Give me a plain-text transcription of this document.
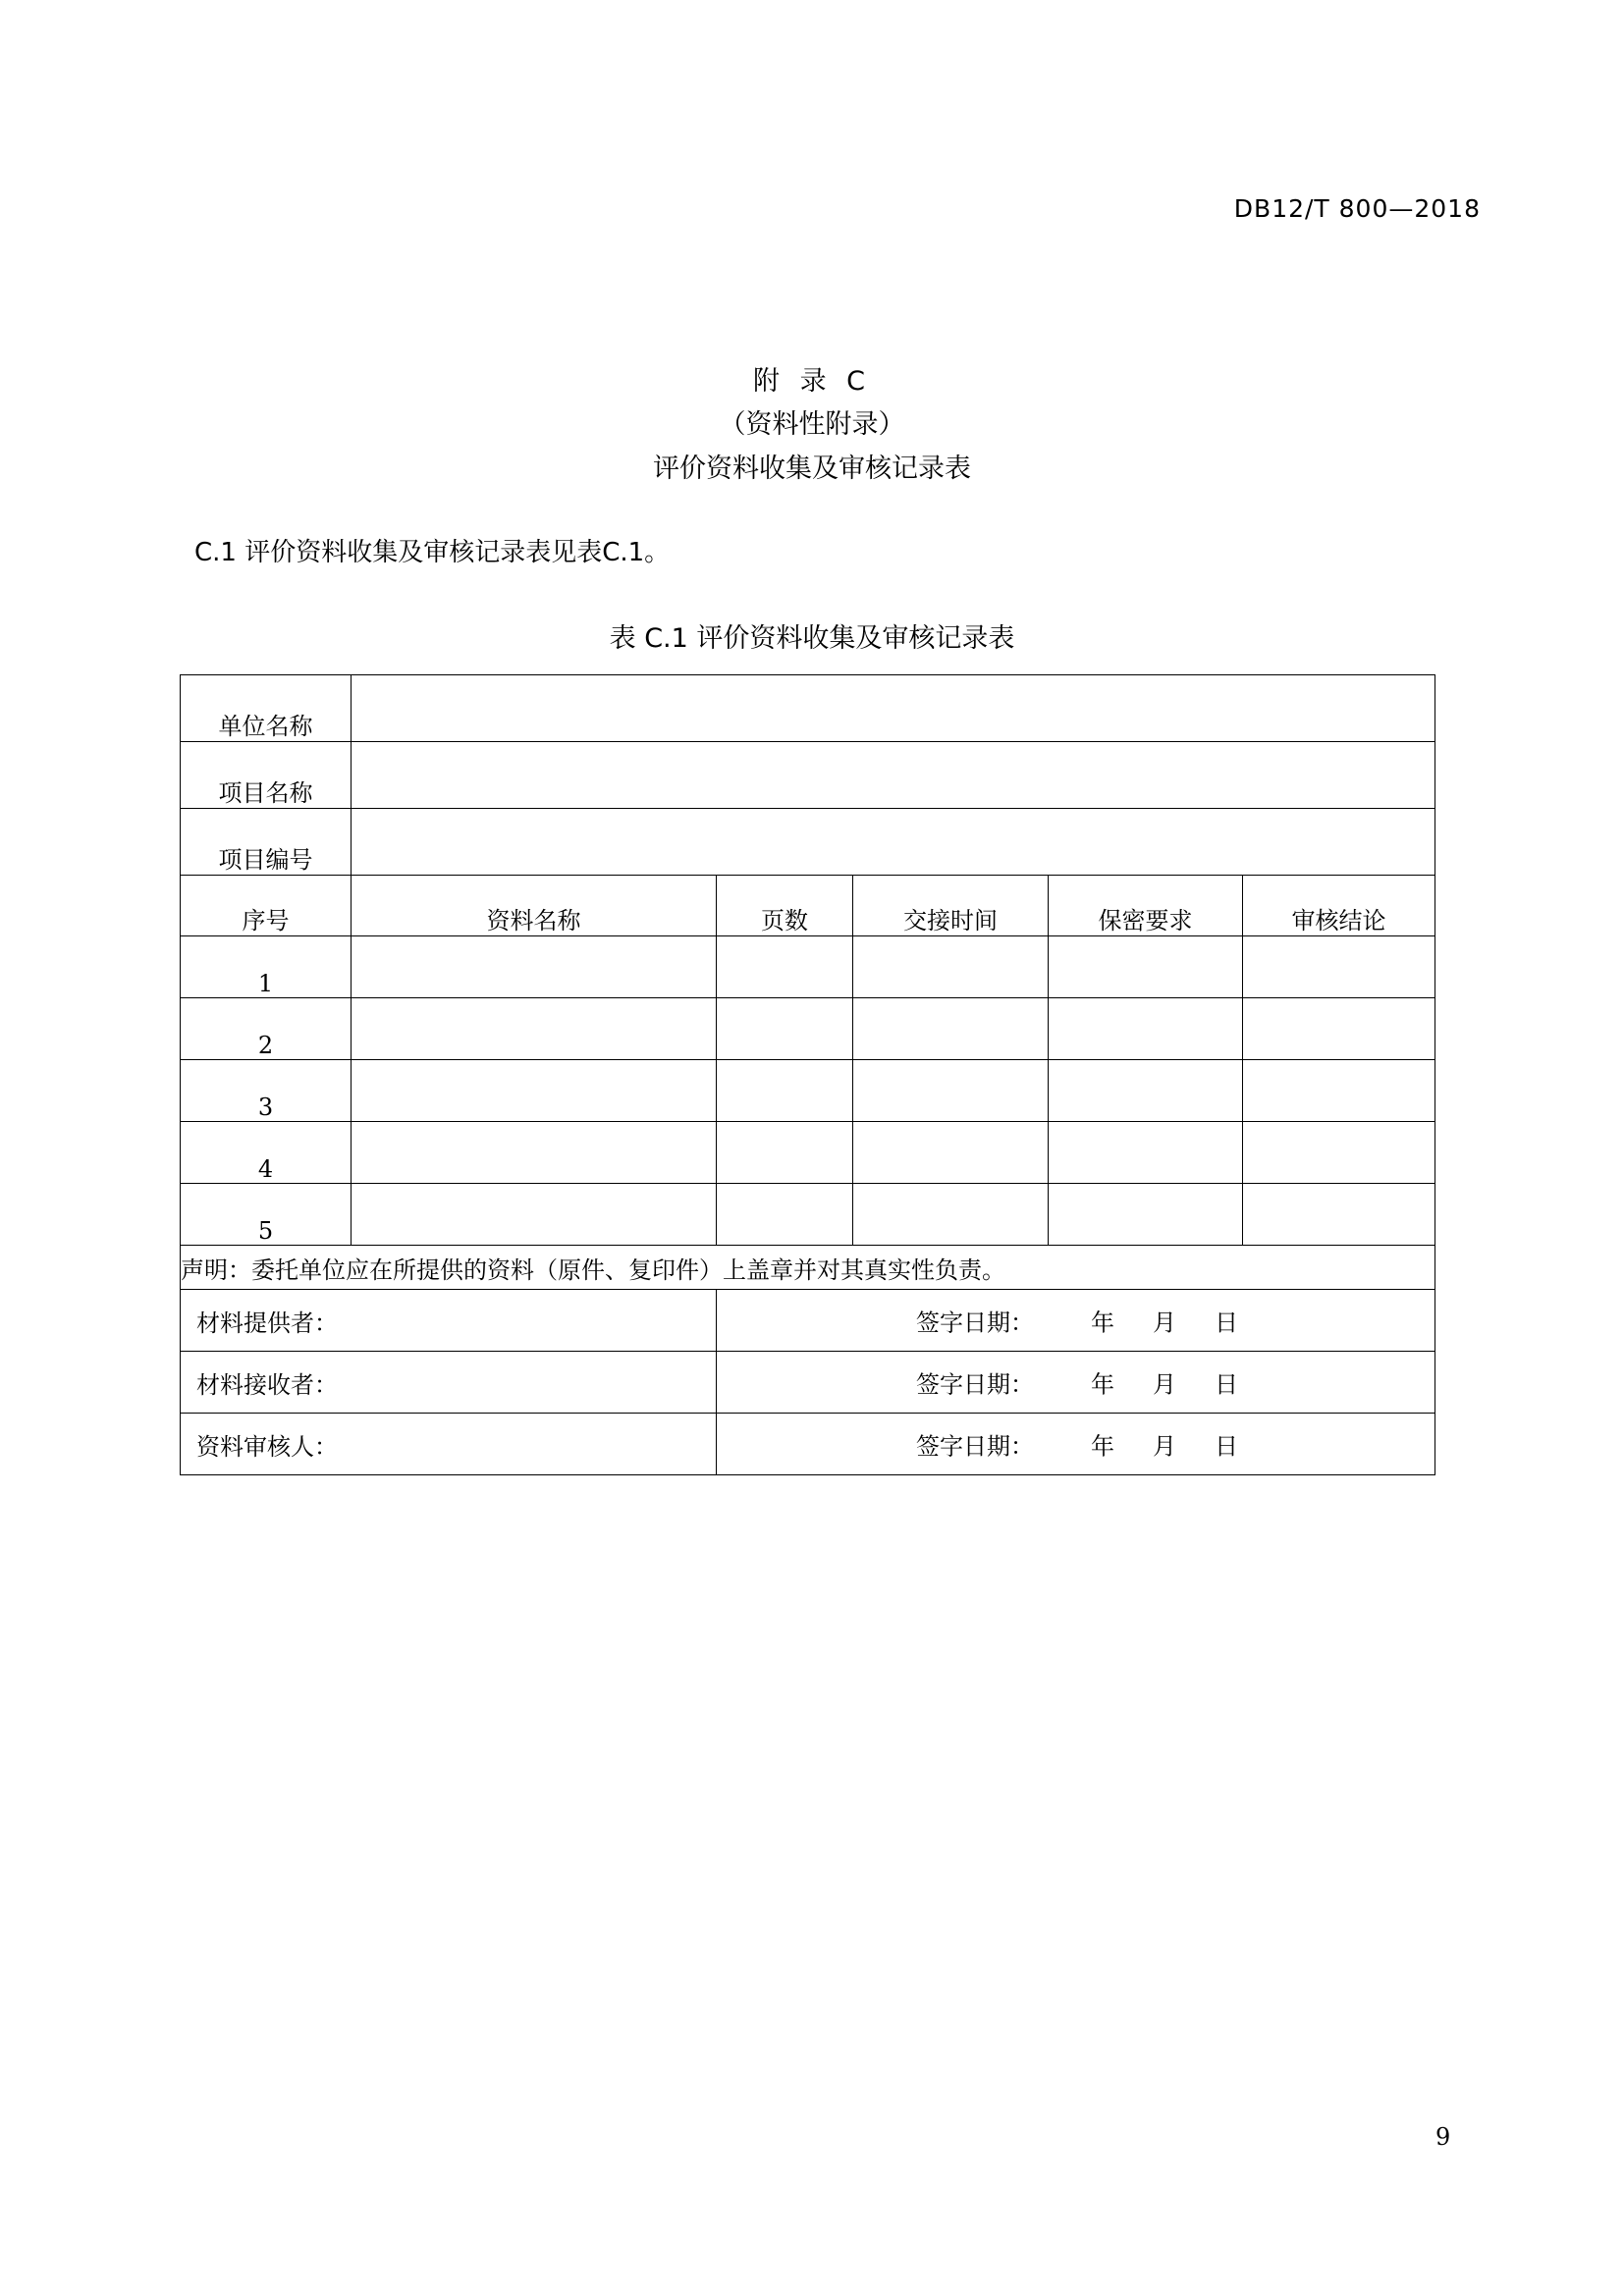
DB12/T 800—2018
附 录 C
（资料性附录）
评价资料收集及审核记录表
C.1 评价资料收集及审核记录表见表C.1。
表 C.1 评价资料收集及审核记录表
单位名称					
项目名称					
项目编号					
序号	资料名称	页数	交接时间	保密要求	审核结论
1					
2					
3					
4					
5					
声明：委托单位应在所提供的资料（原件、复印件）上盖章并对其真实性负责。					
材料提供者：		签字日期： 年 月 日			

材料接收者：		签字日期： 年 月 日			

资料审核人：		签字日期： 年 月 日			
9
